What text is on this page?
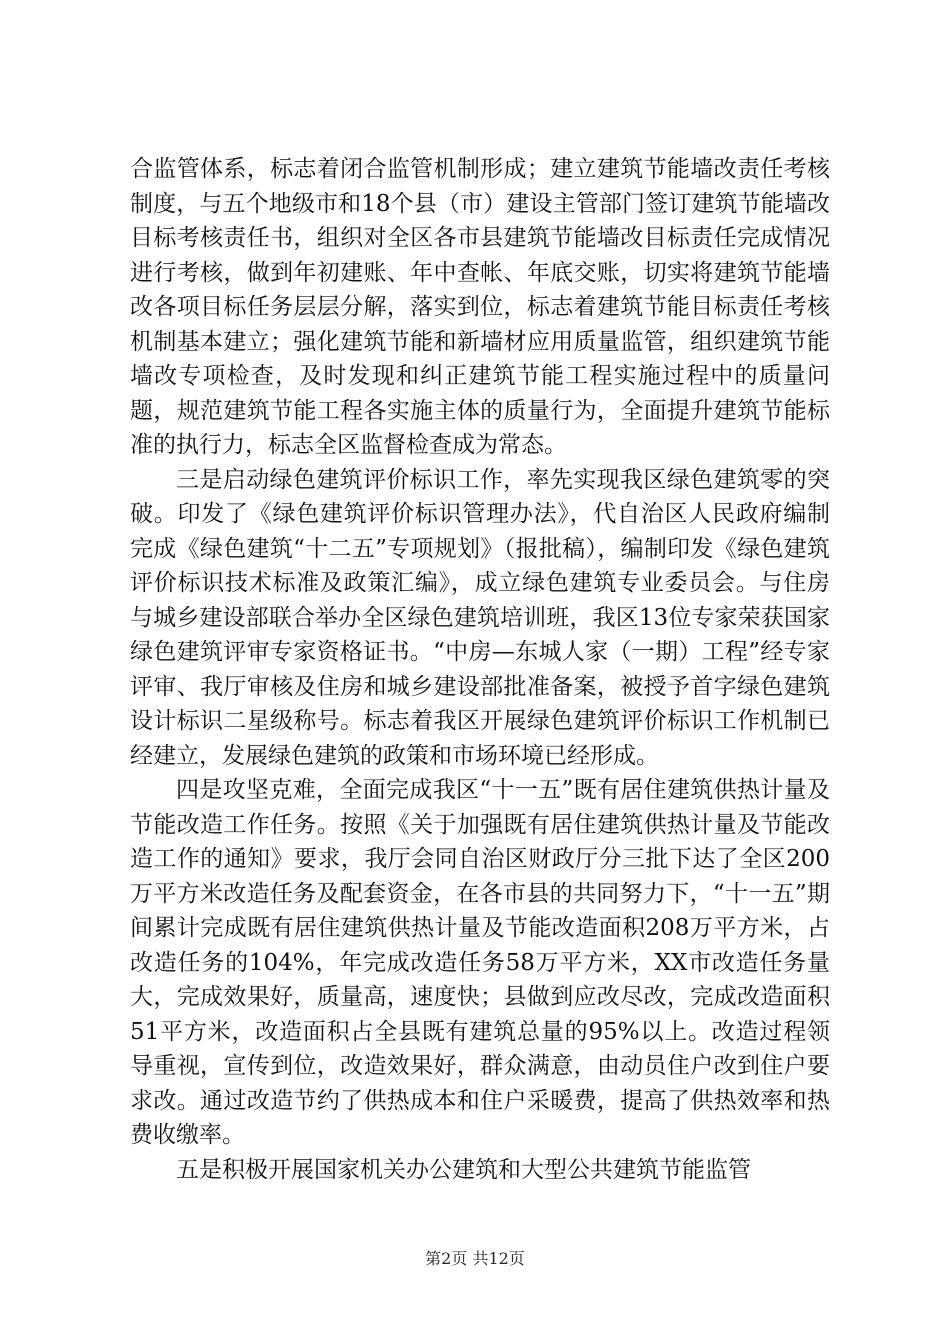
合监管体系，标志着闭合监管机制形成；建立建筑节能墙改责任考核制度，与五个地级市和18个县（市）建设主管部门签订建筑节能墙改目标考核责任书，组织对全区各市县建筑节能墙改目标责任完成情况进行考核，做到年初建账、年中查帐、年底交账，切实将建筑节能墙改各项目标任务层层分解，落实到位，标志着建筑节能目标责任考核机制基本建立；强化建筑节能和新墙材应用质量监管，组织建筑节能墙改专项检查，及时发现和纠正建筑节能工程实施过程中的质量问题，规范建筑节能工程各实施主体的质量行为，全面提升建筑节能标准的执行力，标志全区监督检查成为常态。

三是启动绿色建筑评价标识工作，率先实现我区绿色建筑零的突破。印发了《绿色建筑评价标识管理办法》，代自治区人民政府编制完成《绿色建筑“十二五”专项规划》（报批稿），编制印发《绿色建筑评价标识技术标准及政策汇编》，成立绿色建筑专业委员会。与住房与城乡建设部联合举办全区绿色建筑培训班，我区13位专家荣获国家绿色建筑评审专家资格证书。“中房—东城人家（一期）工程”经专家评审、我厅审核及住房和城乡建设部批准备案，被授予首字绿色建筑设计标识二星级称号。标志着我区开展绿色建筑评价标识工作机制已经建立，发展绿色建筑的政策和市场环境已经形成。

四是攻坚克难，全面完成我区“十一五”既有居住建筑供热计量及节能改造工作任务。按照《关于加强既有居住建筑供热计量及节能改造工作的通知》要求，我厅会同自治区财政厅分三批下达了全区200万平方米改造任务及配套资金，在各市县的共同努力下，“十一五”期间累计完成既有居住建筑供热计量及节能改造面积208万平方米，占改造任务的104%，年完成改造任务58万平方米，XX市改造任务量大，完成效果好，质量高，速度快；县做到应改尽改，完成改造面积51平方米，改造面积占全县既有建筑总量的95%以上。改造过程领导重视，宣传到位，改造效果好，群众满意，由动员住户改到住户要求改。通过改造节约了供热成本和住户采暖费，提高了供热效率和热费收缴率。

五是积极开展国家机关办公建筑和大型公共建筑节能监管

第2页 共12页
